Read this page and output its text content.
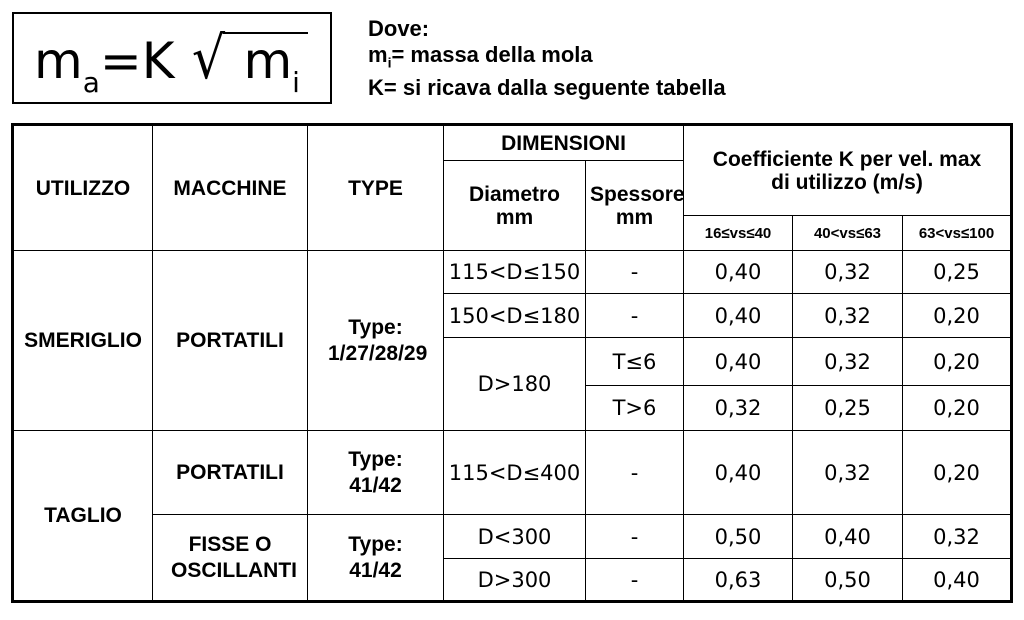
$m_a=K$ √ $m_i$
Dove:
$m_i=$ massa della mola
K= si ricava dalla seguente tabella
UTILIZZO	MACCHINE	TYPE	DIMENSIONI		Coefficiente K per vel. max di utilizzo (m/s)		
			Diametro mm	Spessore mm			
					16≤vs≤40	40<vs≤63	63<vs≤100
SMERIGLIO	PORTATILI	Type: 1/27/28/29	115<D≤150	-	0,40	0,32	0,25
			150<D≤180	-	0,40	0,32	0,20
			D>180	T≤6	0,40	0,32	0,20
				T>6	0,32	0,25	0,20
TAGLIO	PORTATILI	Type: 41/42	115<D≤400	-	0,40	0,32	0,20
	FISSE O OSCILLANTI	Type: 41/42	D<300	-	0,50	0,40	0,32
			D>300	-	0,63	0,50	0,40
